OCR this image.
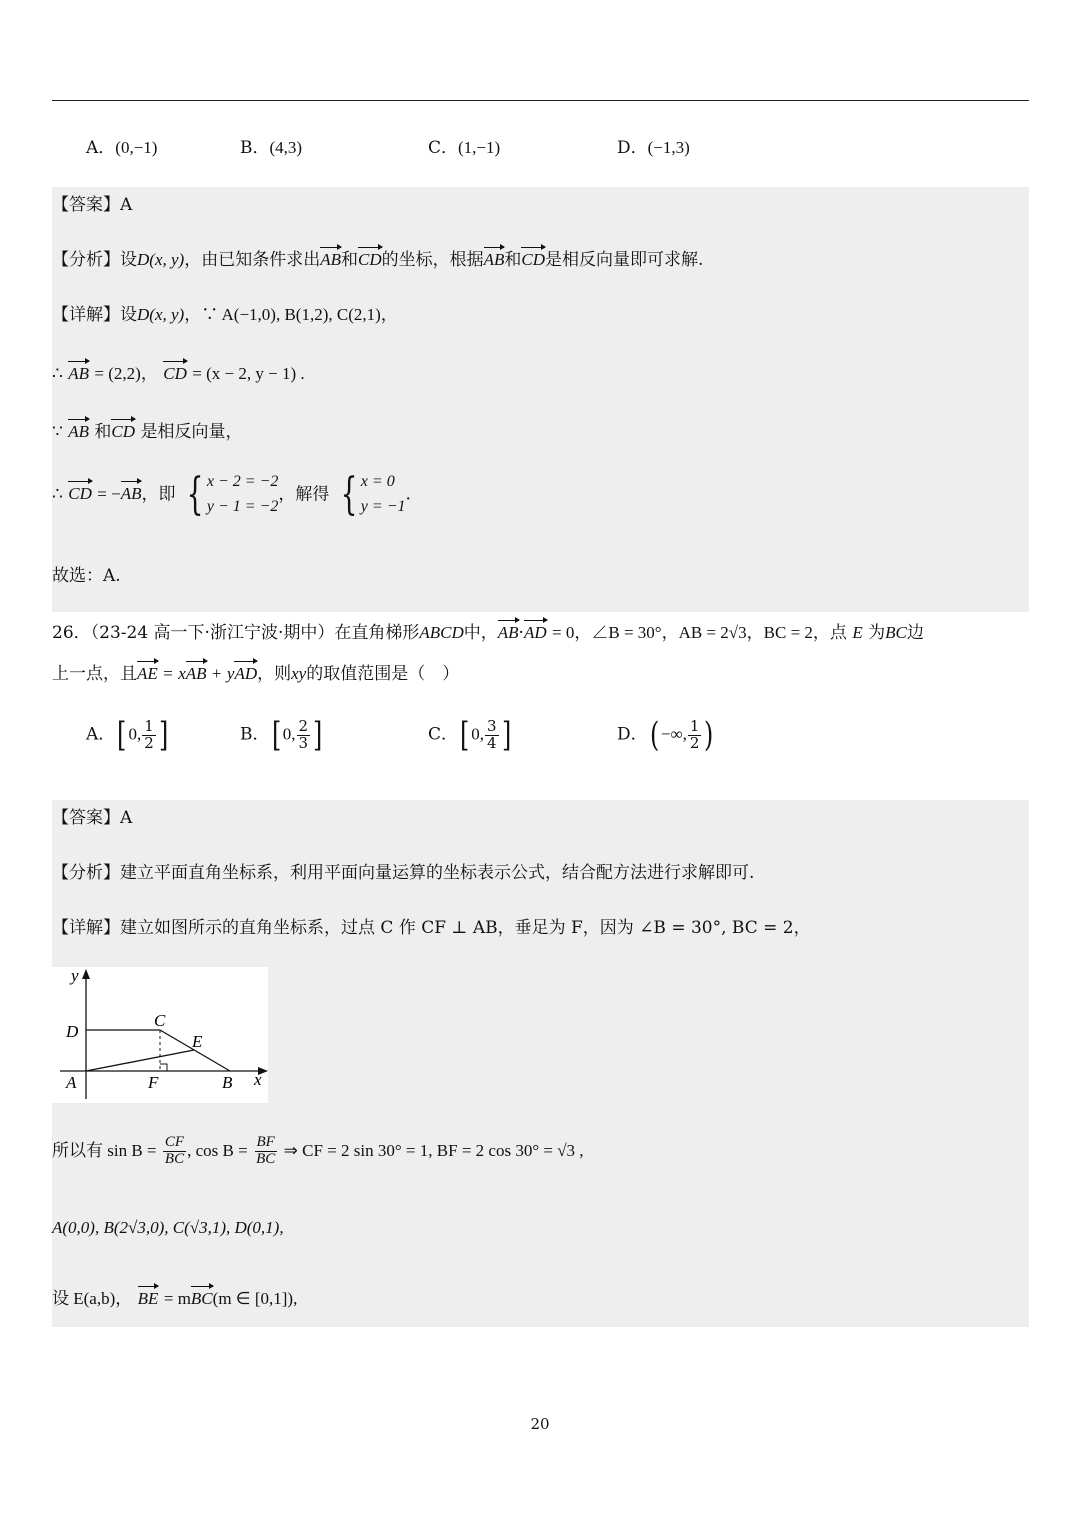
A．(0,−1)	B．(4,3)	C．(1,−1)	D．(−1,3)
【答案】A
【分析】设D(x, y)，由已知条件求出AB和CD的坐标，根据AB和CD是相反向量即可求解.
【详解】设D(x, y)，∵ A(−1,0), B(1,2), C(2,1)，
∴ AB = (2,2)， CD = (x − 2, y − 1) .
∵ AB 和CD 是相反向量，
∴ CD = −AB，即 { x − 2 = −2
y − 1 = −2
，解得 { x = 0
y = −1
.
故选：A.
26．（23-24 高一下·浙江宁波·期中）在直角梯形ABCD中，AB·AD = 0，∠B = 30°，AB = 2√3，BC = 2，点 E 为BC边
上一点，且AE = xAB + yAD，则xy的取值范围是（　）
A．[ 0, $\frac{1}{2}$ ]	B．[ 0, $\frac{2}{3}$ ]	C．[ 0, $\frac{3}{4}$ ]	D．( −∞, $\frac{1}{2}$ )
【答案】A
【分析】建立平面直角坐标系，利用平面向量运算的坐标表示公式，结合配方法进行求解即可.
【详解】建立如图所示的直角坐标系，过点 C 作 CF ⊥ AB，垂足为 F，因为 ∠B = 30°, BC = 2，
y
x
D
C
E
A	F	B
所以有 $\sin B = \frac{CF}{BC}$ , $\cos B = \frac{BF}{BC}$ ⇒ CF = 2 sin 30° = 1, BF = 2 cos 30° = √3 ,
A(0,0), B(2√3,0), C(√3,1), D(0,1),
设 E(a,b)， BE = mBC(m ∈ [0,1]),
20
